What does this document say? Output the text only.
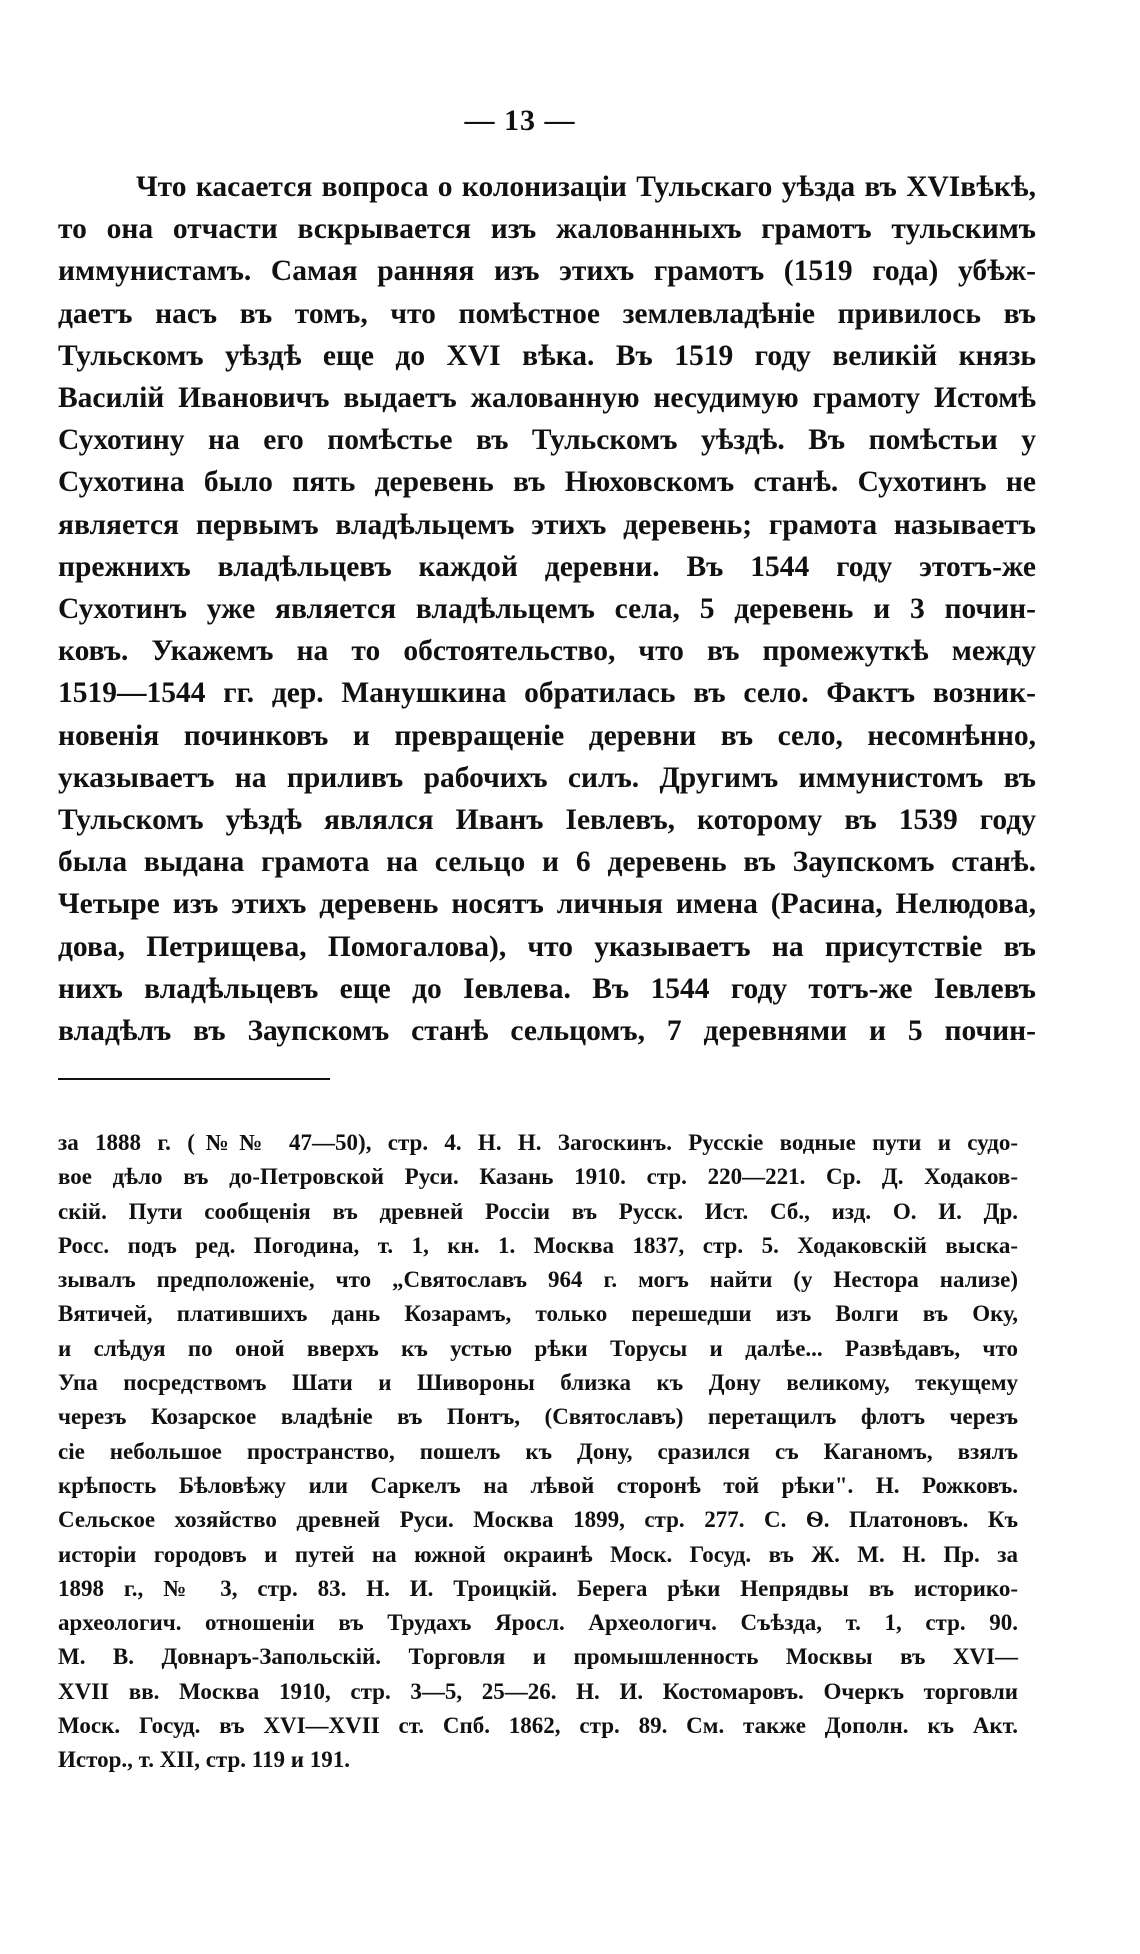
— 13 —
Что касается вопроса о колонизацiи Тульскаго уѣзда въ XVIвѣкѣ,
то она отчасти вскрывается изъ жалованныхъ грамотъ тульскимъ
иммунистамъ. Самая ранняя изъ этихъ грамотъ (1519 года) убѣж-
даетъ насъ въ томъ, что помѣстное землевладѣнiе привилось въ
Тульскомъ уѣздѣ еще до XVI вѣка. Въ 1519 году великiй князь
Василiй Ивановичъ выдаетъ жалованную несудимую грамоту Истомѣ
Сухотину на его помѣстье въ Тульскомъ уѣздѣ. Въ помѣстьи у
Сухотина было пять деревень въ Нюховскомъ станѣ. Сухотинъ не
является первымъ владѣльцемъ этихъ деревень; грамота называетъ
прежнихъ владѣльцевъ каждой деревни. Въ 1544 году этотъ-же
Сухотинъ уже является владѣльцемъ села, 5 деревень и 3 почин-
ковъ. Укажемъ на то обстоятельство, что въ промежуткѣ между
1519—1544 гг. дер. Манушкина обратилась въ село. Фактъ возник-
новенiя починковъ и превращенiе деревни въ село, несомнѣнно,
указываетъ на приливъ рабочихъ силъ. Другимъ иммунистомъ въ
Тульскомъ уѣздѣ являлся Иванъ Iевлевъ, которому въ 1539 году
была выдана грамота на сельцо и 6 деревень въ Заупскомъ станѣ.
Четыре изъ этихъ деревень носятъ личныя имена (Расина, Нелюдова,
дова, Петрищева, Помогалова), что указываетъ на присутствiе въ
нихъ владѣльцевъ еще до Iевлева. Въ 1544 году тотъ-же Iевлевъ
владѣлъ въ Заупскомъ станѣ сельцомъ, 7 деревнями и 5 почин-
за 1888 г. (№№ 47—50), стр. 4. Н. Н. Загоскинъ. Русскiе водные пути и судо-
вое дѣло въ до-Петровской Руси. Казань 1910. стр. 220—221. Ср. Д. Ходаков-
скiй. Пути сообщенiя въ древней Россiи въ Русск. Ист. Сб., изд. О. И. Др.
Росс. подъ ред. Погодина, т. 1, кн. 1. Москва 1837, стр. 5. Ходаковскiй выска-
зывалъ предположенiе, что „Святославъ 964 г. могъ найти (у Нестора нализе)
Вятичей, платившихъ дань Козарамъ, только перешедши изъ Волги въ Оку,
и слѣдуя по оной вверхъ къ устью рѣки Торусы и далѣе... Развѣдавъ, что
Упа посредствомъ Шати и Шивороны близка къ Дону великому, текущему
черезъ Козарское владѣнiе въ Понтъ, (Святославъ) перетащилъ флотъ черезъ
сiе небольшое пространство, пошелъ къ Дону, сразился съ Каганомъ, взялъ
крѣпость Бѣловѣжу или Саркелъ на лѣвой сторонѣ той рѣки". Н. Рожковъ.
Сельское хозяйство древней Руси. Москва 1899, стр. 277. С. Ѳ. Платоновъ. Къ
исторiи городовъ и путей на южной окраинѣ Моск. Госуд. въ Ж. М. Н. Пр. за
1898 г., № 3, стр. 83. Н. И. Троицкiй. Берега рѣки Непрядвы въ историко-
археологич. отношенiи въ Трудахъ Яросл. Археологич. Съѣзда, т. 1, стр. 90.
М. В. Довнаръ-Запольскiй. Торговля и промышленность Москвы въ XVI—
XVII вв. Москва 1910, стр. 3—5, 25—26. Н. И. Костомаровъ. Очеркъ торговли
Моск. Госуд. въ XVI—XVII ст. Спб. 1862, стр. 89. См. также Дополн. къ Акт.
Истор., т. XII, стр. 119 и 191.
